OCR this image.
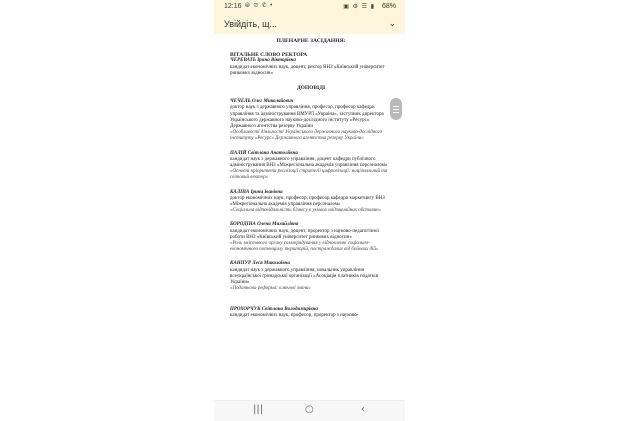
12:16 ⦾ ⊘ ✆ •	▣ ⚙ ☰ ▮ 68%
Увійдіть, щ...	⌄
ПЛЕНАРНЕ ЗАСІДАННЯ:
ВІТАЛЬНЕ СЛОВО РЕКТОРА
ЧЕРЕВАТЬ Ірина Вікторівна
кандидат економічних наук, доцент, ректор ВНЗ «Київський університет ринкових відносин»
ДОПОВІДІ
ЧЕЧЕЛЬ Олег Миколайович
доктор наук з державного управління, професор, професор кафедри управління та адміністрування ВМУРЛ «Україна», заступник директора Українського державного науково-дослідного інституту «Ресурс» Державного агентства резерву України
«Особливості діяльності Українського державного науково-дослідного інституту «Ресурс» Державного агентства резерву України»
ПАЛІЙ Світлана Анатоліївна
кандидат наук з державного управління, доцент кафедри публічного адміністрування ВНЗ «Міжрегіональна академія управління персоналом»
«Основні пріоритети реалізації стратегії цифровізації: національний та світовий вектор»
КАЛІНА Ірина Іванівна
доктор економічних наук, професор, професор кафедри маркетингу ВНЗ «Міжрегіональна академія управління персоналом»
«Соціальна відповідальність бізнесу в умовах надзвичайних обставин»
БОРОДІНА Олена Михайлівна
кандидат економічних наук, доцент, проректор з науково-педагогічної роботи ВНЗ «Київський університет ринкових відносин»
«Роль змістового органу самоврядування у відновленні соціально-економічного потенціалу територій, постраждалих від бойових дій»
КАНПУР Леся Миколаївна
кандидат наук з державного управління, начальник управління всеукраїнської громадської організації «Асоціація платників податків України»
«Податкова реформа: ключові зміни»
ПРОХОРЧУК Світлана Володимирівна
кандидат економічних наук, професор, проректор з науково-
|||	○	‹
